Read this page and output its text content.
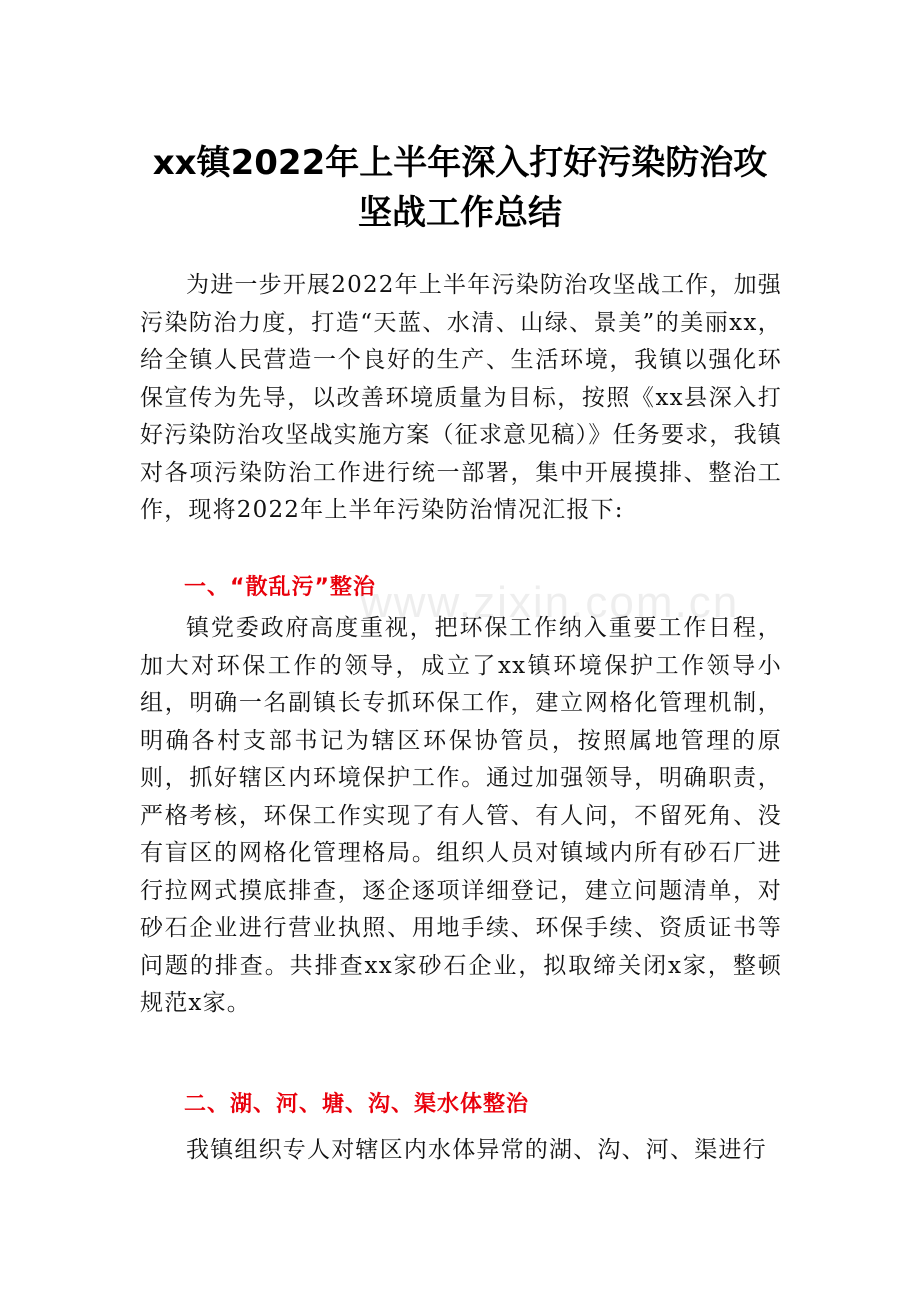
xx镇2022年上半年深入打好污染防治攻坚战工作总结

为进一步开展2022年上半年污染防治攻坚战工作，加强污染防治力度，打造“天蓝、水清、山绿、景美”的美丽xx，给全镇人民营造一个良好的生产、生活环境，我镇以强化环保宣传为先导，以改善环境质量为目标，按照《xx县深入打好污染防治攻坚战实施方案（征求意见稿）》任务要求，我镇对各项污染防治工作进行统一部署，集中开展摸排、整治工作，现将2022年上半年污染防治情况汇报下:

一、“散乱污”整治

镇党委政府高度重视，把环保工作纳入重要工作日程，加大对环保工作的领导，成立了xx镇环境保护工作领导小组，明确一名副镇长专抓环保工作，建立网格化管理机制，明确各村支部书记为辖区环保协管员，按照属地管理的原则，抓好辖区内环境保护工作。通过加强领导，明确职责，严格考核，环保工作实现了有人管、有人问，不留死角、没有盲区的网格化管理格局。组织人员对镇域内所有砂石厂进行拉网式摸底排查，逐企逐项详细登记，建立问题清单，对砂石企业进行营业执照、用地手续、环保手续、资质证书等问题的排查。共排查xx家砂石企业，拟取缔关闭x家，整顿规范x家。

二、湖、河、塘、沟、渠水体整治

我镇组织专人对辖区内水体异常的湖、沟、河、渠进行

www.zixin.com.cn
